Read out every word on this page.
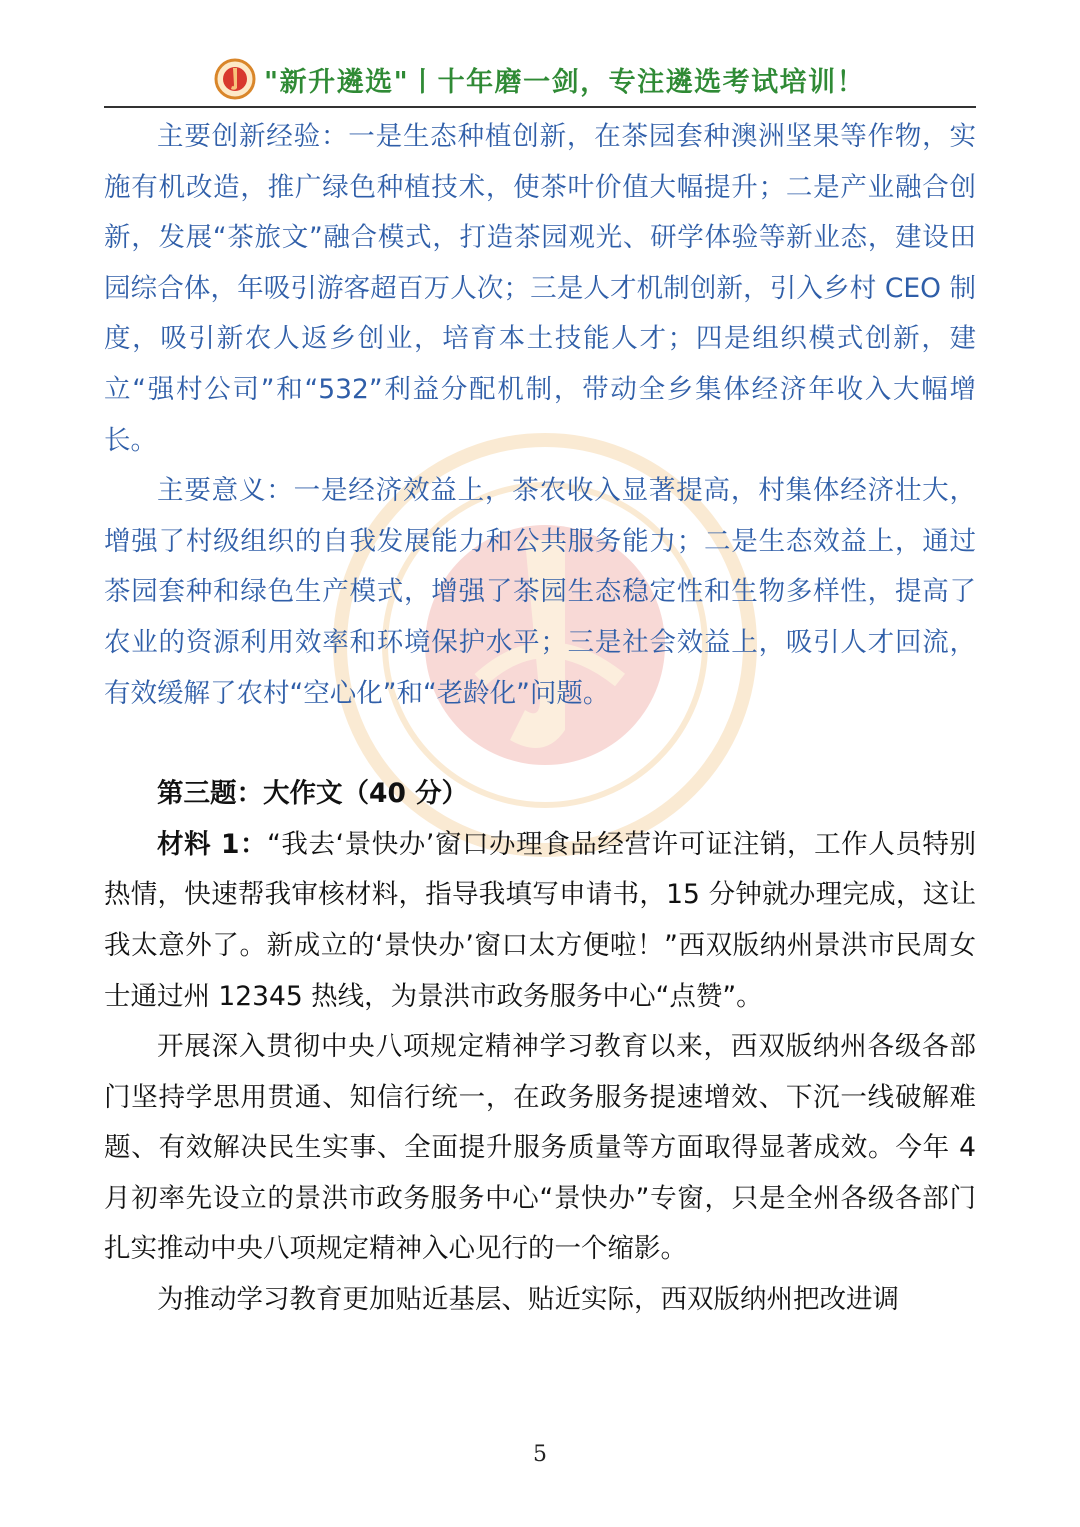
"新升遴选"丨十年磨一剑，专注遴选考试培训！

主要创新经验：一是生态种植创新，在茶园套种澳洲坚果等作物，实施有机改造，推广绿色种植技术，使茶叶价值大幅提升；二是产业融合创新，发展“茶旅文”融合模式，打造茶园观光、研学体验等新业态，建设田园综合体，年吸引游客超百万人次；三是人才机制创新，引入乡村 CEO 制度，吸引新农人返乡创业，培育本土技能人才；四是组织模式创新，建立“强村公司”和“532”利益分配机制，带动全乡集体经济年收入大幅增长。

主要意义：一是经济效益上，茶农收入显著提高，村集体经济壮大，增强了村级组织的自我发展能力和公共服务能力；二是生态效益上，通过茶园套种和绿色生产模式，增强了茶园生态稳定性和生物多样性，提高了农业的资源利用效率和环境保护水平；三是社会效益上，吸引人才回流，有效缓解了农村“空心化”和“老龄化”问题。

第三题：大作文（40 分）

材料 1：“我去‘景快办’窗口办理食品经营许可证注销，工作人员特别热情，快速帮我审核材料，指导我填写申请书，15 分钟就办理完成，这让我太意外了。新成立的‘景快办’窗口太方便啦！”西双版纳州景洪市民周女士通过州 12345 热线，为景洪市政务服务中心“点赞”。

开展深入贯彻中央八项规定精神学习教育以来，西双版纳州各级各部门坚持学思用贯通、知信行统一，在政务服务提速增效、下沉一线破解难题、有效解决民生实事、全面提升服务质量等方面取得显著成效。今年 4 月初率先设立的景洪市政务服务中心“景快办”专窗，只是全州各级各部门扎实推动中央八项规定精神入心见行的一个缩影。

为推动学习教育更加贴近基层、贴近实际，西双版纳州把改进调

5
